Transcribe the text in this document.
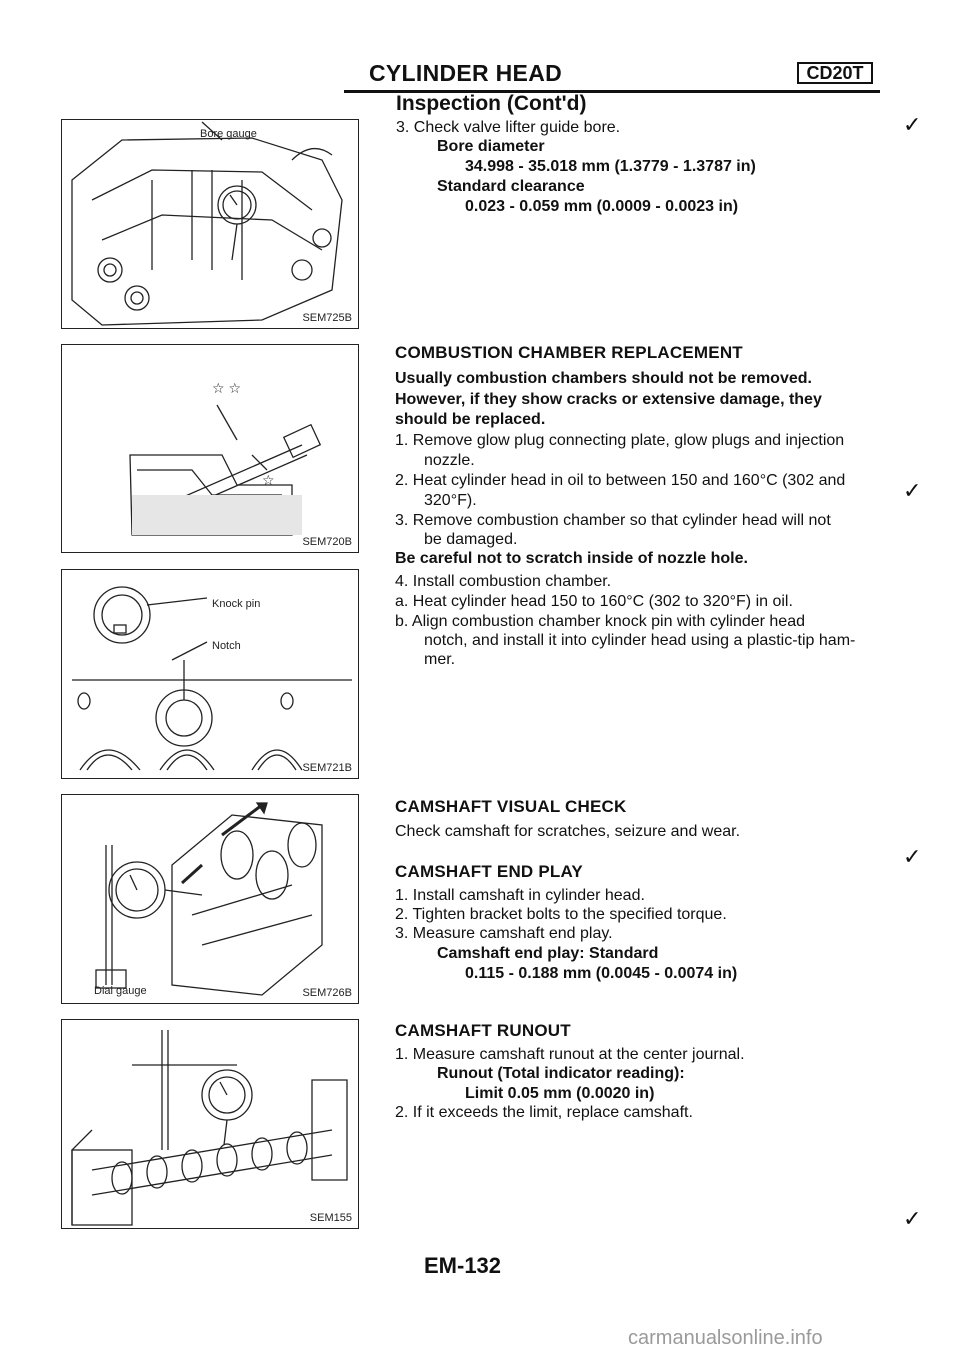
CYLINDER HEAD	CD20T
Inspection (Cont'd)
Bore gauge
SEM725B
☆ ☆
☆
SEM720B
Knock pin
Notch
SEM721B
Dial gauge	SEM726B
SEM155
3. Check valve lifter guide bore.
Bore diameter
34.998 - 35.018 mm (1.3779 - 1.3787 in)
Standard clearance
0.023 - 0.059 mm (0.0009 - 0.0023 in)
COMBUSTION CHAMBER REPLACEMENT
Usually combustion chambers should not be removed.
However, if they show cracks or extensive damage, they
should be replaced.
1. Remove glow plug connecting plate, glow plugs and injection
nozzle.
2. Heat cylinder head in oil to between 150 and 160°C (302 and
320°F).
3. Remove combustion chamber so that cylinder head will not
be damaged.
Be careful not to scratch inside of nozzle hole.
4. Install combustion chamber.
a. Heat cylinder head 150 to 160°C (302 to 320°F) in oil.
b. Align combustion chamber knock pin with cylinder head
notch, and install it into cylinder head using a plastic-tip ham-
mer.
CAMSHAFT VISUAL CHECK
Check camshaft for scratches, seizure and wear.
CAMSHAFT END PLAY
1. Install camshaft in cylinder head.
2. Tighten bracket bolts to the specified torque.
3. Measure camshaft end play.
Camshaft end play: Standard
0.115 - 0.188 mm (0.0045 - 0.0074 in)
CAMSHAFT RUNOUT
1. Measure camshaft runout at the center journal.
Runout (Total indicator reading):
Limit 0.05 mm (0.0020 in)
2. If it exceeds the limit, replace camshaft.
✓
✓
✓
✓
EM-132
carmanualsonline.info
